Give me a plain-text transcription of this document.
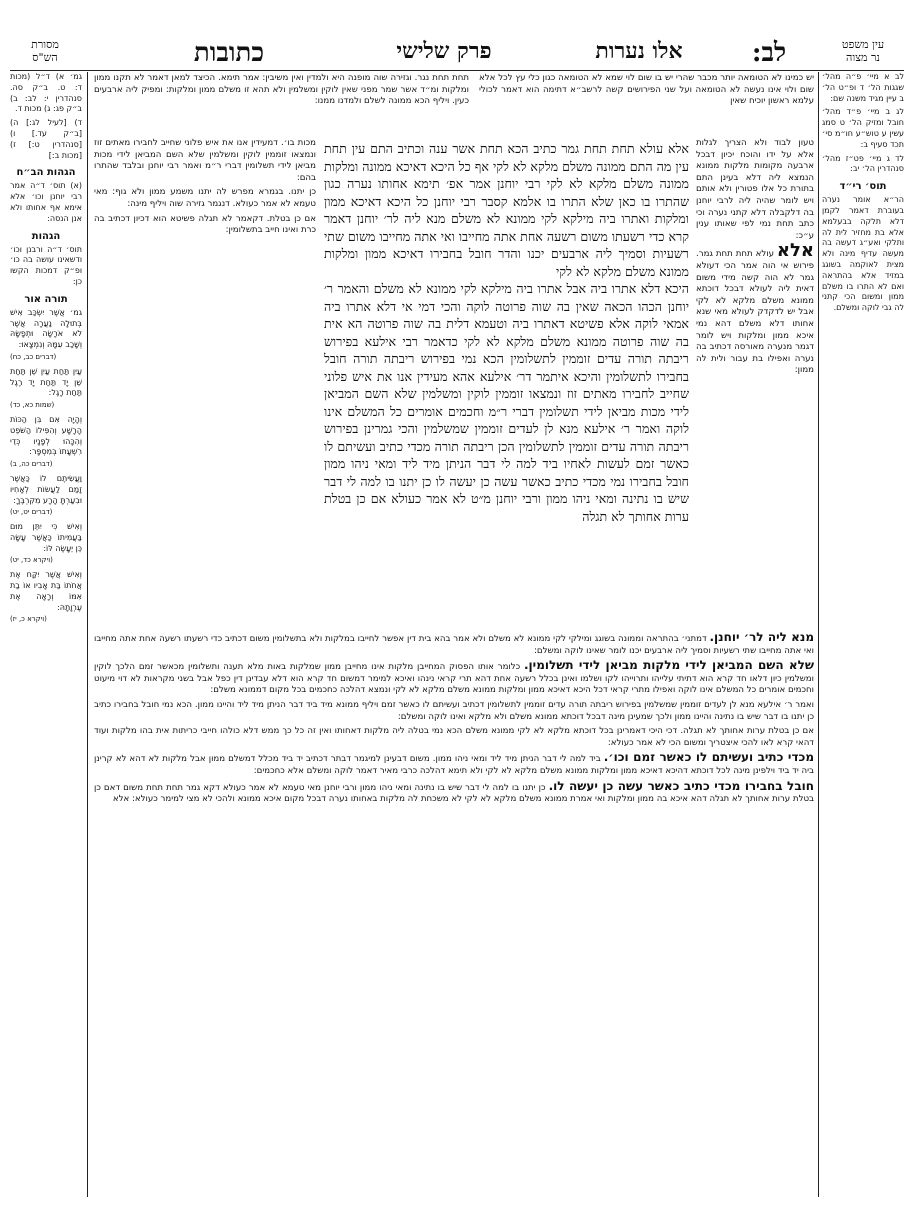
עין משפט
נר מצוה
לב:
אלו נערות
פרק שלישי
כתובות
מסורת
הש"ס
לב א מיי׳ פ״ה מהל׳ שגגות הל׳ ד ופ״ט הל׳ ב עיין מגיד משנה שם:
לג ב מיי׳ פ״ד מהל׳ חובל ומזיק הל׳ ט סמג עשין ע טוש״ע חו״מ סי׳ תכד סעיף ב:
לד ג מיי׳ פט״ז מהל׳ סנהדרין הל׳ יב:
תוס׳ רי״ד
הר״א אומר נערה בעוברת דאמר לקמן דלא תלקה בבעלמא אלא בת מחזיר לית לה ותלקי ואע״ג דעשה בה מעשה עדיף מינה ולא מצית לאוקמה בשוגג במזיד אלא בהתראה ואם לא התרו בו משלם ממון ומשום הכי קתני לה גבי לוקה ומשלם.
גמ׳ א) ד״ל (מכות ד: ט. ב״ק סה. סנהדרין י: לב: ב) ב״ק פג: ג) מכות ד.
ד) [לעיל לג:] ה) [ב״ק עד.] ו) [סנהדרין ט:] ז) [מכות ב:]
הגהות הב״ח
(א) תוס׳ ד״ה אמר רבי יוחנן וכו׳ אלא אימא אף אחותו ולא אנן הנסה:
הגהות
תוס׳ ד״ה ורבנן וכו׳ ודשאינו עושה בה כו׳ ופ״ק דמכות הקשו כן:
תורה אור
גמ׳ אֲשֶׁר יִשְׂכַּב אִישׁ בְּתוּלָה נַעֲרָה אֲשֶׁר לֹא אֹרָשָׂה וּתְפָשָׂהּ וְשָׁכַב עִמָּהּ וְנִמְצָאוּ:
(דברים כב, כח)
עַיִן תַּחַת עַיִן שֵׁן תַּחַת שֵׁן יָד תַּחַת יָד רֶגֶל תַּחַת רָגֶל:
(שמות כא, כד)
וְהָיָה אִם בִּן הַכּוֹת הָרָשָׁע וְהִפִּילוֹ הַשֹּׁפֵט וְהִכָּהוּ לְפָנָיו כְּדֵי רִשְׁעָתוֹ בְּמִסְפָּר:
(דברים כה, ב)
וַעֲשִׂיתֶם לוֹ כַּאֲשֶׁר זָמַם לַעֲשׂוֹת לְאָחִיו וּבִעַרְתָּ הָרָע מִקִּרְבֶּךָ:
(דברים יט, יט)
וְאִישׁ כִּי יִתֵּן מוּם בַּעֲמִיתוֹ כַּאֲשֶׁר עָשָׂה כֵּן יֵעָשֶׂה לּוֹ:
(ויקרא כד, יט)
וְאִישׁ אֲשֶׁר יִקַּח אֶת אֲחֹתוֹ בַּת אָבִיו אוֹ בַת אִמּוֹ וְרָאָה אֶת עֶרְוָתָהּ:
(ויקרא כ, יז)
יש כמינו לא הטומאה יותר מכבר שהרי יש בו שום לוי שמא לא הטומאה כגון כלי עץ לכל אלא שום ולוי אינו נעשה לא הטומאה ועל שני הפירושים קשה לרשב״א דתימה הוא דאמר לכולי עלמא ראשון יוכיח שאין
תחת תחת נגר. וגזירה שוה מופנה היא ולמדין ואין משיבין: אמר תימא. הכיצד למאן דאמר לא תקנו ממון ומלקות ומ״ד אשר שמר מפני שאין לוקין ומשלמין ולא תהא זו משלם ממון ומלקות: ומפיק ליה ארבעים כעין. ויליף הכא ממונה לשלם ולמדנו ממנו:
טעון לבוד ולא הצריך לגלות אלא על ידו והוכח יכיון דבכל ארבעה מקומות מלקות ממונא הנמצא ליה דלא בעינן התם בתורת כל אלו פטורין ולא אותם ויש לומר שהיה ליה לרבי יוחנן בה דלקבלה דלא קתני נערה וכי כתב תחת נמי לפי שאותו ענין ע״כ:
אלא עולא תחת תחת גמר. פירוש אי הוה אמר הכי דעולא גמר לא הוה קשה מידי משום דאית ליה לעולא דבכל דוכתא ממונא משלם מלקא לא לקי אבל יש לדקדק לעולא מאי שנא אחותו דלא משלם דהא נמי איכא ממון ומלקות ויש לומר דגמר מנערה מאורסה דכתיב בה נערה ואפילו בת עבור ולית לה ממון:
אלא עולא תחת תחת גמר כתיב הכא תחת אשר ענה וכתיב התם עין תחת עין מה התם ממונה משלם מלקא לא לקי אף כל היכא דאיכא ממונה ומלקות ממונה משלם מלקא לא לקי רבי יוחנן אמר אפ׳ תימא אחותו נערה כגון שהתרו בו כאן שלא התרו בו אלמא קסבר רבי יוחנן כל היכא דאיכא ממון ומלקות ואתרו ביה מילקא לקי ממונא לא משלם מנא ליה לר׳ יוחנן דאמר קרא כדי רשעתו משום רשעה אחת אתה מחייבו ואי אתה מחייבו משום שתי רשעיות וסמיך ליה ארבעים יכנו והדר חובל בחבירו דאיכא ממון ומלקות ממונא משלם מלקא לא לקי
היכא דלא אתרו ביה אבל אתרו ביה מילקא לקי ממונא לא משלם והאמר ר׳ יוחנן הכהו הכאה שאין בה שוה פרוטה לוקה והכי דמי אי דלא אתרו ביה אמאי לוקה אלא פשיטא דאתרו ביה וטעמא דלית בה שוה פרוטה הא אית בה שוה פרוטה ממונא משלם מלקא לא לקי כדאמר רבי אילעא בפירוש ריבתה תורה עדים זוממין לתשלומין הכא נמי בפירוש ריבתה תורה חובל בחבירו לתשלומין והיכא איתמר דר׳ אילעא אהא מעידין אנו את איש פלוני שחייב לחבירו מאתים זוז ונמצאו זוממין לוקין ומשלמין שלא השם המביאן לידי מכות מביאן לידי תשלומין דברי ר״מ וחכמים אומרים כל המשלם אינו לוקה ואמר ר׳ אילעא מנא לן לעדים זוממין שמשלמין והכי גמרינן בפירוש ריבתה תורה עדים זוממין לתשלומין הכן ריבתה תורה מכדי כתיב ועשיתם לו כאשר זמם לעשות לאחיו ביד למה לי דבר הניתן מיד ליד ומאי ניהו ממון חובל בחבירו נמי מכדי כתיב כאשר עשה כן יעשה לו כן יתנו בו למה לי דבר שיש בו נתינה ומאי ניהו ממון ורבי יוחנן מ״ט לא אמר כעולא אם כן בטלת ערות אחותך לא תגלה
מכות בו׳. דמעידין אנו את איש פלוני שחייב לחבירו מאתים זוז ונמצאו זוממין לוקין ומשלמין שלא השם המביאן לידי מכות מביאן לידי תשלומין דברי ר״מ ואמר רבי יוחנן ובלבד שהתרו בהם:
כן יתנו. בגמרא מפרש לה יתנו משמע ממון ולא גוף: מאי טעמא לא אמר כעולא. דנגמר גזירה שוה ויליף מינה:
אם כן בטלת. דקאמר לא תגלה פשיטא הוא דכיון דכתיב בה כרת ואינו חייב בתשלומין:
מנא ליה לר׳ יוחנן. דמתני׳ בהתראה וממונה בשוגג ומילקי לקי ממונא לא משלם ולא אמר בהא בית דין אפשר לחייבו במלקות ולא בתשלומין משום דכתיב כדי רשעתו רשעה אחת אתה מחייבו ואי אתה מחייבו שתי רשעיות וסמיך ליה ארבעים יכנו לומר שאינו לוקה ומשלם:
שלא השם המביאן לידי מלקות מביאן לידי תשלומין. כלומר אותו הפסוק המחייבן מלקות אינו מחייבן ממון שמלקות באות מלא תענה ותשלומין מכאשר זמם הלכך לוקין ומשלמין כיון דלאו חד קרא הוא דתיתי עלייהו ותרוייהו לקו ושלמו ואינן בכלל רשעה אחת דהא תרי קראי נינהו ואיכא למימר דמשום חד קרא הוא דלא עבדינן דין כפל אבל בשני מקראות לא דוי מיעוט וחכמים אומרים כל המשלם אינו לוקה ואפילו מתרי קראי דכל היכא דאיכא ממון ומלקות ממונא משלם מלקא לא לקי ונמצא דהלכה כחכמים בכל מקום דממונא משלם:
ואמר ר׳ אילעא מנא לן לעדים זוממין שמשלמין בפירוש ריבתה תורה עדים זוממין לתשלומין דכתיב ועשיתם לו כאשר זמם ויליף ממונא מיד ביד דבר הניתן מיד ליד והיינו ממון. הכא נמי חובל בחבירו כתיב כן יתנו בו דבר שיש בו נתינה והיינו ממון ולכך שמעינן מינה דבכל דוכתא ממונא משלם ולא מלקא ואינו לוקה ומשלם:
אם כן בטלת ערות אחותך לא תגלה. דכי היכי דאמרינן בכל דוכתא מלקא לא לקי ממונא משלם הכא נמי בטלה ליה מלקות דאחותו ואין זה כל כך ממש דלא כולהו חייבי כריתות אית בהו מלקות ועוד דהאי קרא לאו להכי איצטריך ומשום הכי לא אמר כעולא:
מכדי כתיב ועשיתם לו כאשר זמם וכו׳. ביד למה לי דבר הניתן מיד ליד ומאי ניהו ממון. משום דבעינן למיגמר דבתר דכתיב יד ביד מכלל דמשלם ממון אבל מלקות לא דהא לא קרינן ביה יד ביד וילפינן מינה לכל דוכתא דהיכא דאיכא ממון ומלקות ממונא משלם מלקא לא לקי ולא תימא דהלכה כרבי מאיר דאמר לוקה ומשלם אלא כחכמים:
חובל בחבירו מכדי כתיב כאשר עשה כן יעשה לו. כן יתנו בו למה לי דבר שיש בו נתינה ומאי ניהו ממון ורבי יוחנן מאי טעמא לא אמר כעולא דקא גמר תחת תחת משום דאם כן בטלת ערות אחותך לא תגלה דהא איכא בה ממון ומלקות ואי אמרת ממונא משלם מלקא לא לקי לא משכחת לה מלקות באחותו נערה דבכל מקום איכא ממונא ולהכי לא מצי למימר כעולא: אלא
